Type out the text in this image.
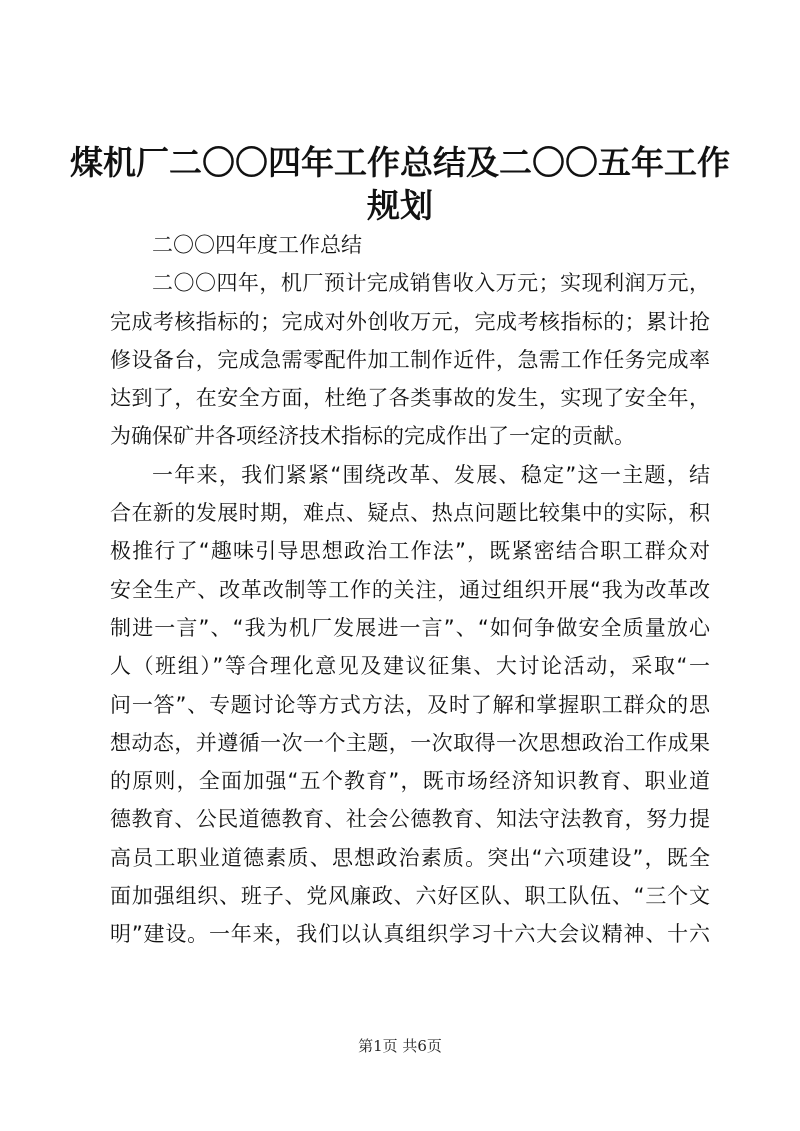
煤机厂二〇〇四年工作总结及二〇〇五年工作
规划
二〇〇四年度工作总结
二〇〇四年，机厂预计完成销售收入万元；实现利润万元，
完成考核指标的；完成对外创收万元，完成考核指标的；累计抢
修设备台，完成急需零配件加工制作近件，急需工作任务完成率
达到了，在安全方面，杜绝了各类事故的发生，实现了安全年，
为确保矿井各项经济技术指标的完成作出了一定的贡献。
一年来，我们紧紧“围绕改革、发展、稳定”这一主题，结
合在新的发展时期，难点、疑点、热点问题比较集中的实际，积
极推行了“趣味引导思想政治工作法”，既紧密结合职工群众对
安全生产、改革改制等工作的关注，通过组织开展“我为改革改
制进一言”、“我为机厂发展进一言”、“如何争做安全质量放心
人（班组）”等合理化意见及建议征集、大讨论活动，采取“一
问一答”、专题讨论等方式方法，及时了解和掌握职工群众的思
想动态，并遵循一次一个主题，一次取得一次思想政治工作成果
的原则，全面加强“五个教育”，既市场经济知识教育、职业道
德教育、公民道德教育、社会公德教育、知法守法教育，努力提
高员工职业道德素质、思想政治素质。突出“六项建设”，既全
面加强组织、班子、党风廉政、六好区队、职工队伍、“三个文
明”建设。一年来，我们以认真组织学习十六大会议精神、十六
第1页 共6页
